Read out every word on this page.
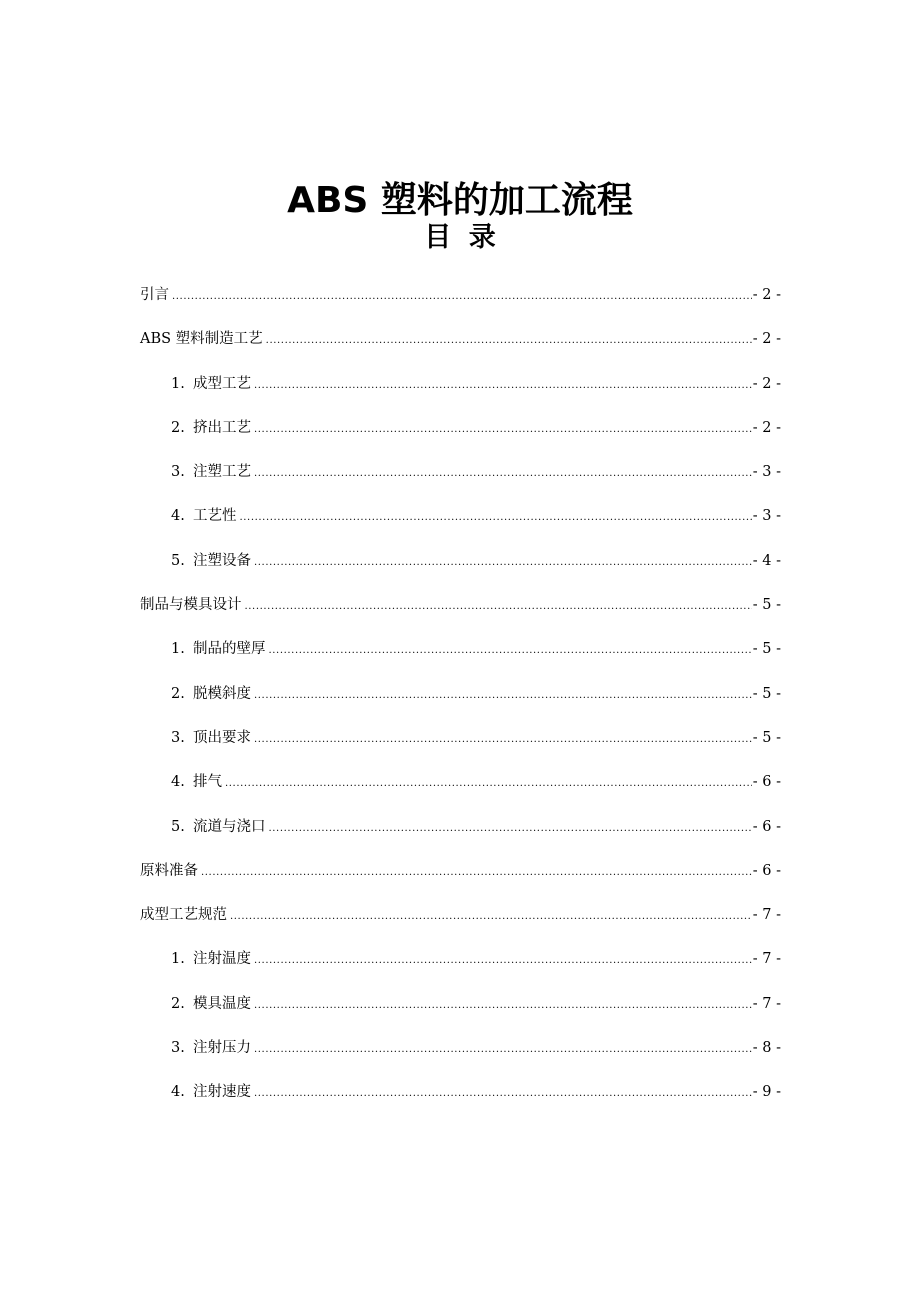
ABS 塑料的加工流程
目 录
引言 .....	- 2 -
ABS 塑料制造工艺 .....	- 2 -
1. 成型工艺 .....	- 2 -
2. 挤出工艺 .....	- 2 -
3. 注塑工艺 .....	- 3 -
4. 工艺性 .....	- 3 -
5. 注塑设备 .....	- 4 -
制品与模具设计 .....	- 5 -
1. 制品的壁厚 .....	- 5 -
2. 脱模斜度 .....	- 5 -
3. 顶出要求 .....	- 5 -
4. 排气 .....	- 6 -
5. 流道与浇口 .....	- 6 -
原料准备 .....	- 6 -
成型工艺规范 .....	- 7 -
1. 注射温度 .....	- 7 -
2. 模具温度 .....	- 7 -
3. 注射压力 .....	- 8 -
4. 注射速度 .....	- 9 -
